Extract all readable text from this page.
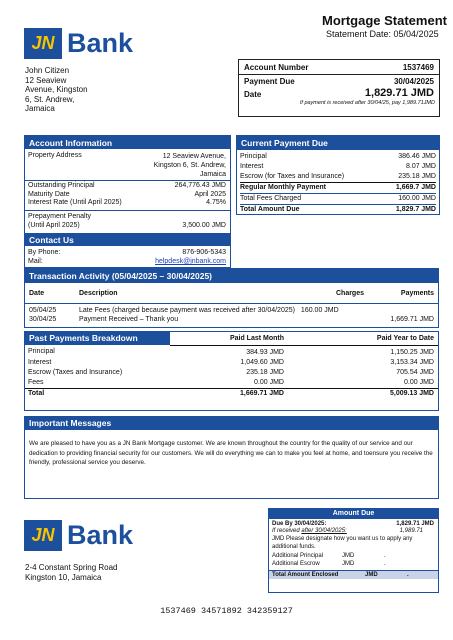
Mortgage Statement
Statement Date: 05/04/2025
JN Bank
John Citizen
12 Seaview
Avenue, Kingston
6, St. Andrew,
Jamaica
Account Number	1537469
Payment Due	30/04/2025
Date	1,829.71 JMD
If payment is received after 30/04/25, pay 1,989.71JMD
Account Information
Property Address	12 Seaview Avenue,
Kingston 6, St. Andrew,
Jamaica
Outstanding Principal	264,776.43 JMD
Maturity Date	April 2025
Interest Rate (Until April 2025)	4.75%
Prepayment Penalty
(Until April 2025)	3,500.00 JMD
Contact Us
By Phone:	876-906-5343
Mail:	helpdesk@jnbank.com
Current Payment Due
Principal	386.46 JMD
Interest	8.07 JMD
Escrow (for Taxes and Insurance)	235.18 JMD
Regular Monthly Payment	1,669.7 JMD
Total Fees Charged	160.00 JMD
Total Amount Due	1,829.7 JMD
Transaction Activity (05/04/2025 – 30/04/2025)
Date	Description	Charges	Payments

05/04/25	Late Fees (charged because payment was received after 30/04/2025) 160.00 JMD		
30/04/25	Payment Received – Thank you		1,669.71 JMD
Past Payments Breakdown
		Paid Last Month	Paid Year to Date
Principal	384.93 JMD	1,150.25 JMD
Interest	1,049.60 JMD	3,153.34 JMD
Escrow (Taxes and Insurance)	235.18 JMD	705.54 JMD
Fees	0.00 JMD	0.00 JMD
Total	1,669.71 JMD	5,009.13 JMD
Important Messages
We are pleased to have you as a JN Bank Mortgage customer. We are known throughout the country for the quality of our service and our dedication to providing financial security for our customers. We will do everything we can to make you feel at home, and toensure you receive the friendly, professional service you deserve.
JN Bank
2-4 Constant Spring Road
Kingston 10, Jamaica
Amount Due
Due By 30/04/2025:	1,829.71 JMD
If received after 30/04/2025:	1,989.71
JMD Please designate how you want us to apply any additional funds.
Additional Principal	JMD	.
Additional Escrow	JMD	.
Total Amount Enclosed	JMD	.
1537469 34571892 342359127
